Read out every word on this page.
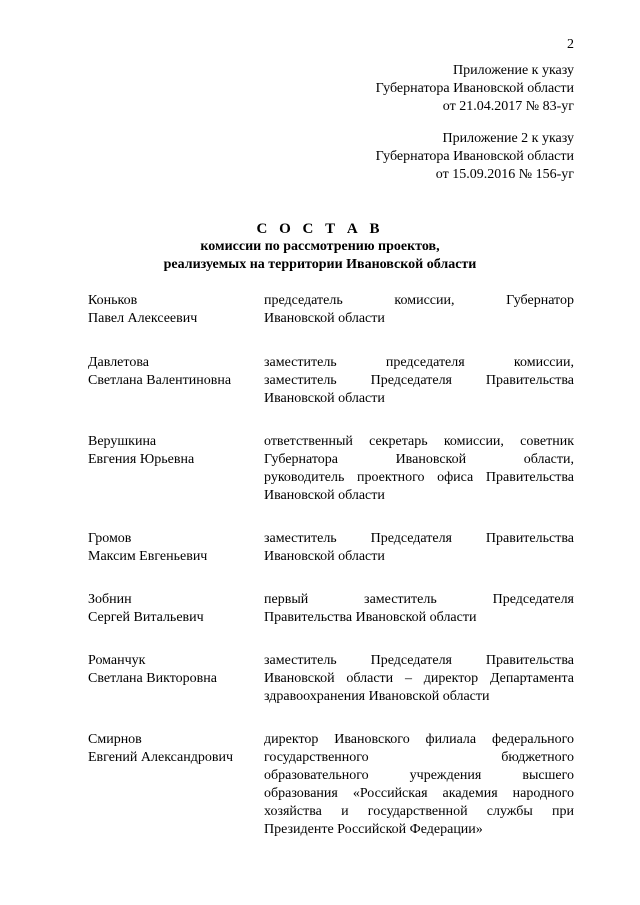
2
Приложение к указу
Губернатора Ивановской области
от 21.04.2017 № 83-уг
Приложение 2 к указу
Губернатора Ивановской области
от 15.09.2016 № 156-уг
С О С Т А В
комиссии по рассмотрению проектов,
реализуемых на территории Ивановской области
Коньков
Павел Алексеевич
председатель комиссии, Губернатор
Ивановской области
Давлетова
Светлана Валентиновна
заместитель председателя комиссии,
заместитель Председателя Правительства
Ивановской области
Верушкина
Евгения Юрьевна
ответственный секретарь комиссии, советник
Губернатора Ивановской области,
руководитель проектного офиса Правительства
Ивановской области
Громов
Максим Евгеньевич
заместитель Председателя Правительства
Ивановской области
Зобнин
Сергей Витальевич
первый заместитель Председателя
Правительства Ивановской области
Романчук
Светлана Викторовна
заместитель Председателя Правительства
Ивановской области – директор Департамента
здравоохранения Ивановской области
Смирнов
Евгений Александрович
директор Ивановского филиала федерального
государственного бюджетного
образовательного учреждения высшего
образования «Российская академия народного
хозяйства и государственной службы при
Президенте Российской Федерации»
